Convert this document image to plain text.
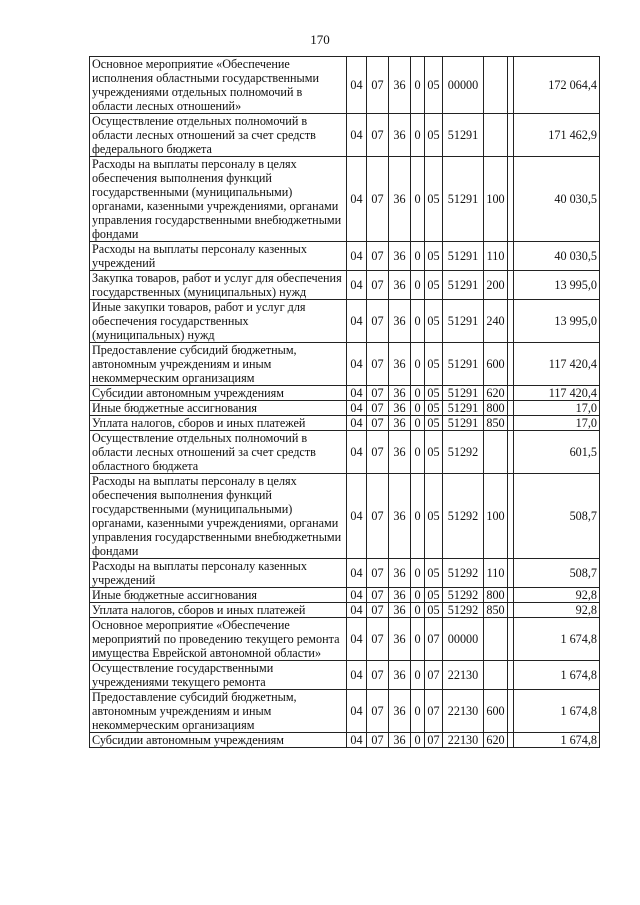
170
Основное мероприятие «Обеспечение исполнения областными государственными учреждениями отдельных полномочий в области лесных отношений»	04	07	36	0	05	00000			172 064,4
Осуществление отдельных полномочий в области лесных отношений за счет средств федерального бюджета	04	07	36	0	05	51291			171 462,9
Расходы на выплаты персоналу в целях обеспечения выполнения функций государственными (муниципальными) органами, казенными учреждениями, органами управления государственными внебюджетными фондами	04	07	36	0	05	51291	100		40 030,5
Расходы на выплаты персоналу казенных учреждений	04	07	36	0	05	51291	110		40 030,5
Закупка товаров, работ и услуг для обеспечения государственных (муниципальных) нужд	04	07	36	0	05	51291	200		13 995,0
Иные закупки товаров, работ и услуг для обеспечения государственных (муниципальных) нужд	04	07	36	0	05	51291	240		13 995,0
Предоставление субсидий бюджетным, автономным учреждениям и иным некоммерческим организациям	04	07	36	0	05	51291	600		117 420,4
Субсидии автономным учреждениям	04	07	36	0	05	51291	620		117 420,4
Иные бюджетные ассигнования	04	07	36	0	05	51291	800		17,0
Уплата налогов, сборов и иных платежей	04	07	36	0	05	51291	850		17,0
Осуществление отдельных полномочий в области лесных отношений за счет средств областного бюджета	04	07	36	0	05	51292			601,5
Расходы на выплаты персоналу в целях обеспечения выполнения функций государственными (муниципальными) органами, казенными учреждениями, органами управления государственными внебюджетными фондами	04	07	36	0	05	51292	100		508,7
Расходы на выплаты персоналу казенных учреждений	04	07	36	0	05	51292	110		508,7
Иные бюджетные ассигнования	04	07	36	0	05	51292	800		92,8
Уплата налогов, сборов и иных платежей	04	07	36	0	05	51292	850		92,8
Основное мероприятие «Обеспечение мероприятий по проведению текущего ремонта имущества Еврейской автономной области»	04	07	36	0	07	00000			1 674,8
Осуществление государственными учреждениями текущего ремонта	04	07	36	0	07	22130			1 674,8
Предоставление субсидий бюджетным, автономным учреждениям и иным некоммерческим организациям	04	07	36	0	07	22130	600		1 674,8
Субсидии автономным учреждениям	04	07	36	0	07	22130	620		1 674,8
